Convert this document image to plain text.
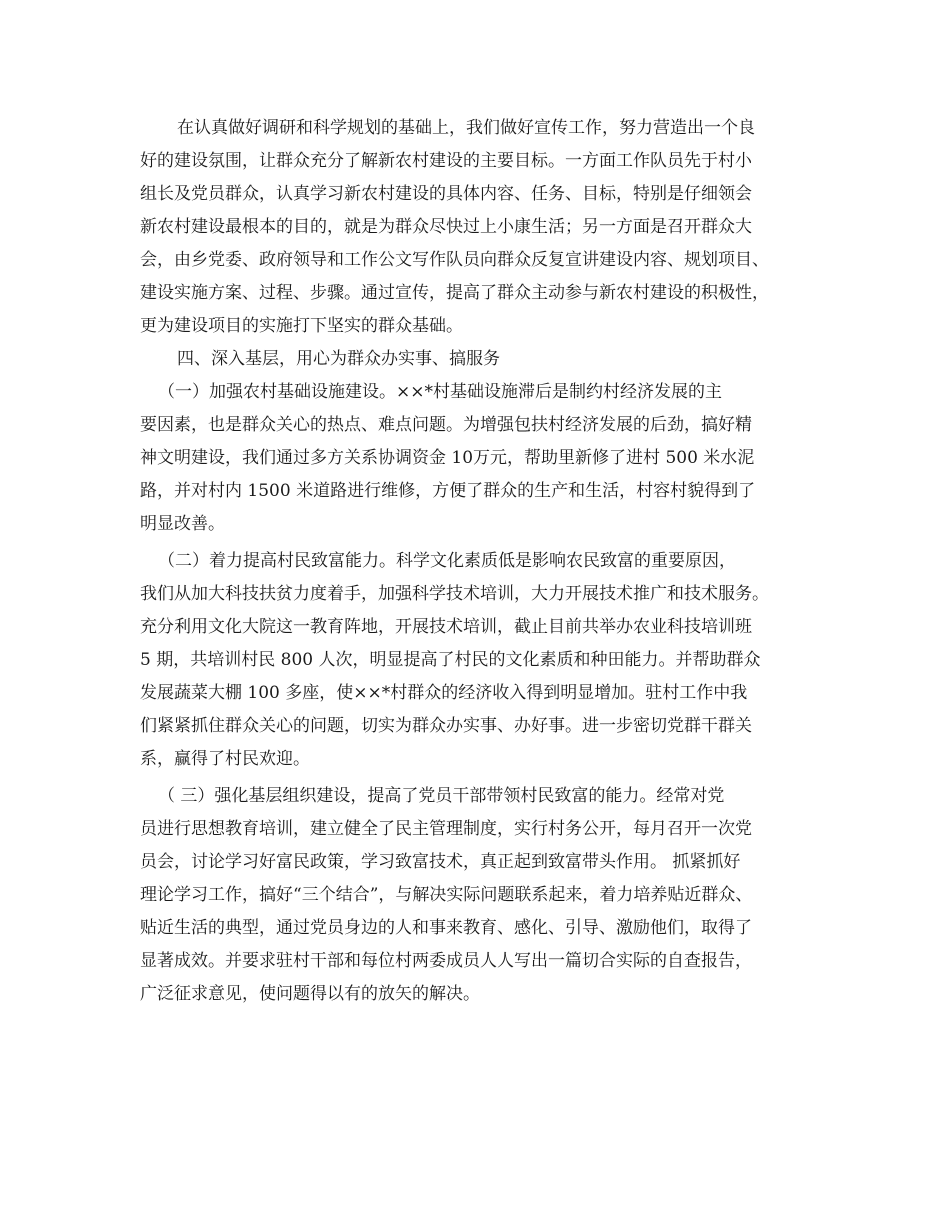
在认真做好调研和科学规划的基础上，我们做好宣传工作，努力营造出一个良
好的建设氛围，让群众充分了解新农村建设的主要目标。一方面工作队员先于村小
组长及党员群众，认真学习新农村建设的具体内容、任务、目标，特别是仔细领会
新农村建设最根本的目的，就是为群众尽快过上小康生活；另一方面是召开群众大
会，由乡党委、政府领导和工作公文写作队员向群众反复宣讲建设内容、规划项目、
建设实施方案、过程、步骤。通过宣传，提高了群众主动参与新农村建设的积极性，
更为建设项目的实施打下坚实的群众基础。
四、深入基层，用心为群众办实事、搞服务
（一）加强农村基础设施建设。××*村基础设施滞后是制约村经济发展的主
要因素，也是群众关心的热点、难点问题。为增强包扶村经济发展的后劲，搞好精
神文明建设，我们通过多方关系协调资金 10万元，帮助里新修了进村 500 米水泥
路，并对村内 1500 米道路进行维修，方便了群众的生产和生活，村容村貌得到了
明显改善。
（二）着力提高村民致富能力。科学文化素质低是影响农民致富的重要原因，
我们从加大科技扶贫力度着手，加强科学技术培训，大力开展技术推广和技术服务。
充分利用文化大院这一教育阵地，开展技术培训，截止目前共举办农业科技培训班
5 期，共培训村民 800 人次，明显提高了村民的文化素质和种田能力。并帮助群众
发展蔬菜大棚 100 多座，使××*村群众的经济收入得到明显增加。驻村工作中我
们紧紧抓住群众关心的问题，切实为群众办实事、办好事。进一步密切党群干群关
系，赢得了村民欢迎。
（ 三）强化基层组织建设，提高了党员干部带领村民致富的能力。经常对党
员进行思想教育培训，建立健全了民主管理制度，实行村务公开，每月召开一次党
员会，讨论学习好富民政策，学习致富技术，真正起到致富带头作用。 抓紧抓好
理论学习工作，搞好“三个结合”，与解决实际问题联系起来，着力培养贴近群众、
贴近生活的典型，通过党员身边的人和事来教育、感化、引导、激励他们，取得了
显著成效。并要求驻村干部和每位村两委成员人人写出一篇切合实际的自查报告，
广泛征求意见，使问题得以有的放矢的解决。
